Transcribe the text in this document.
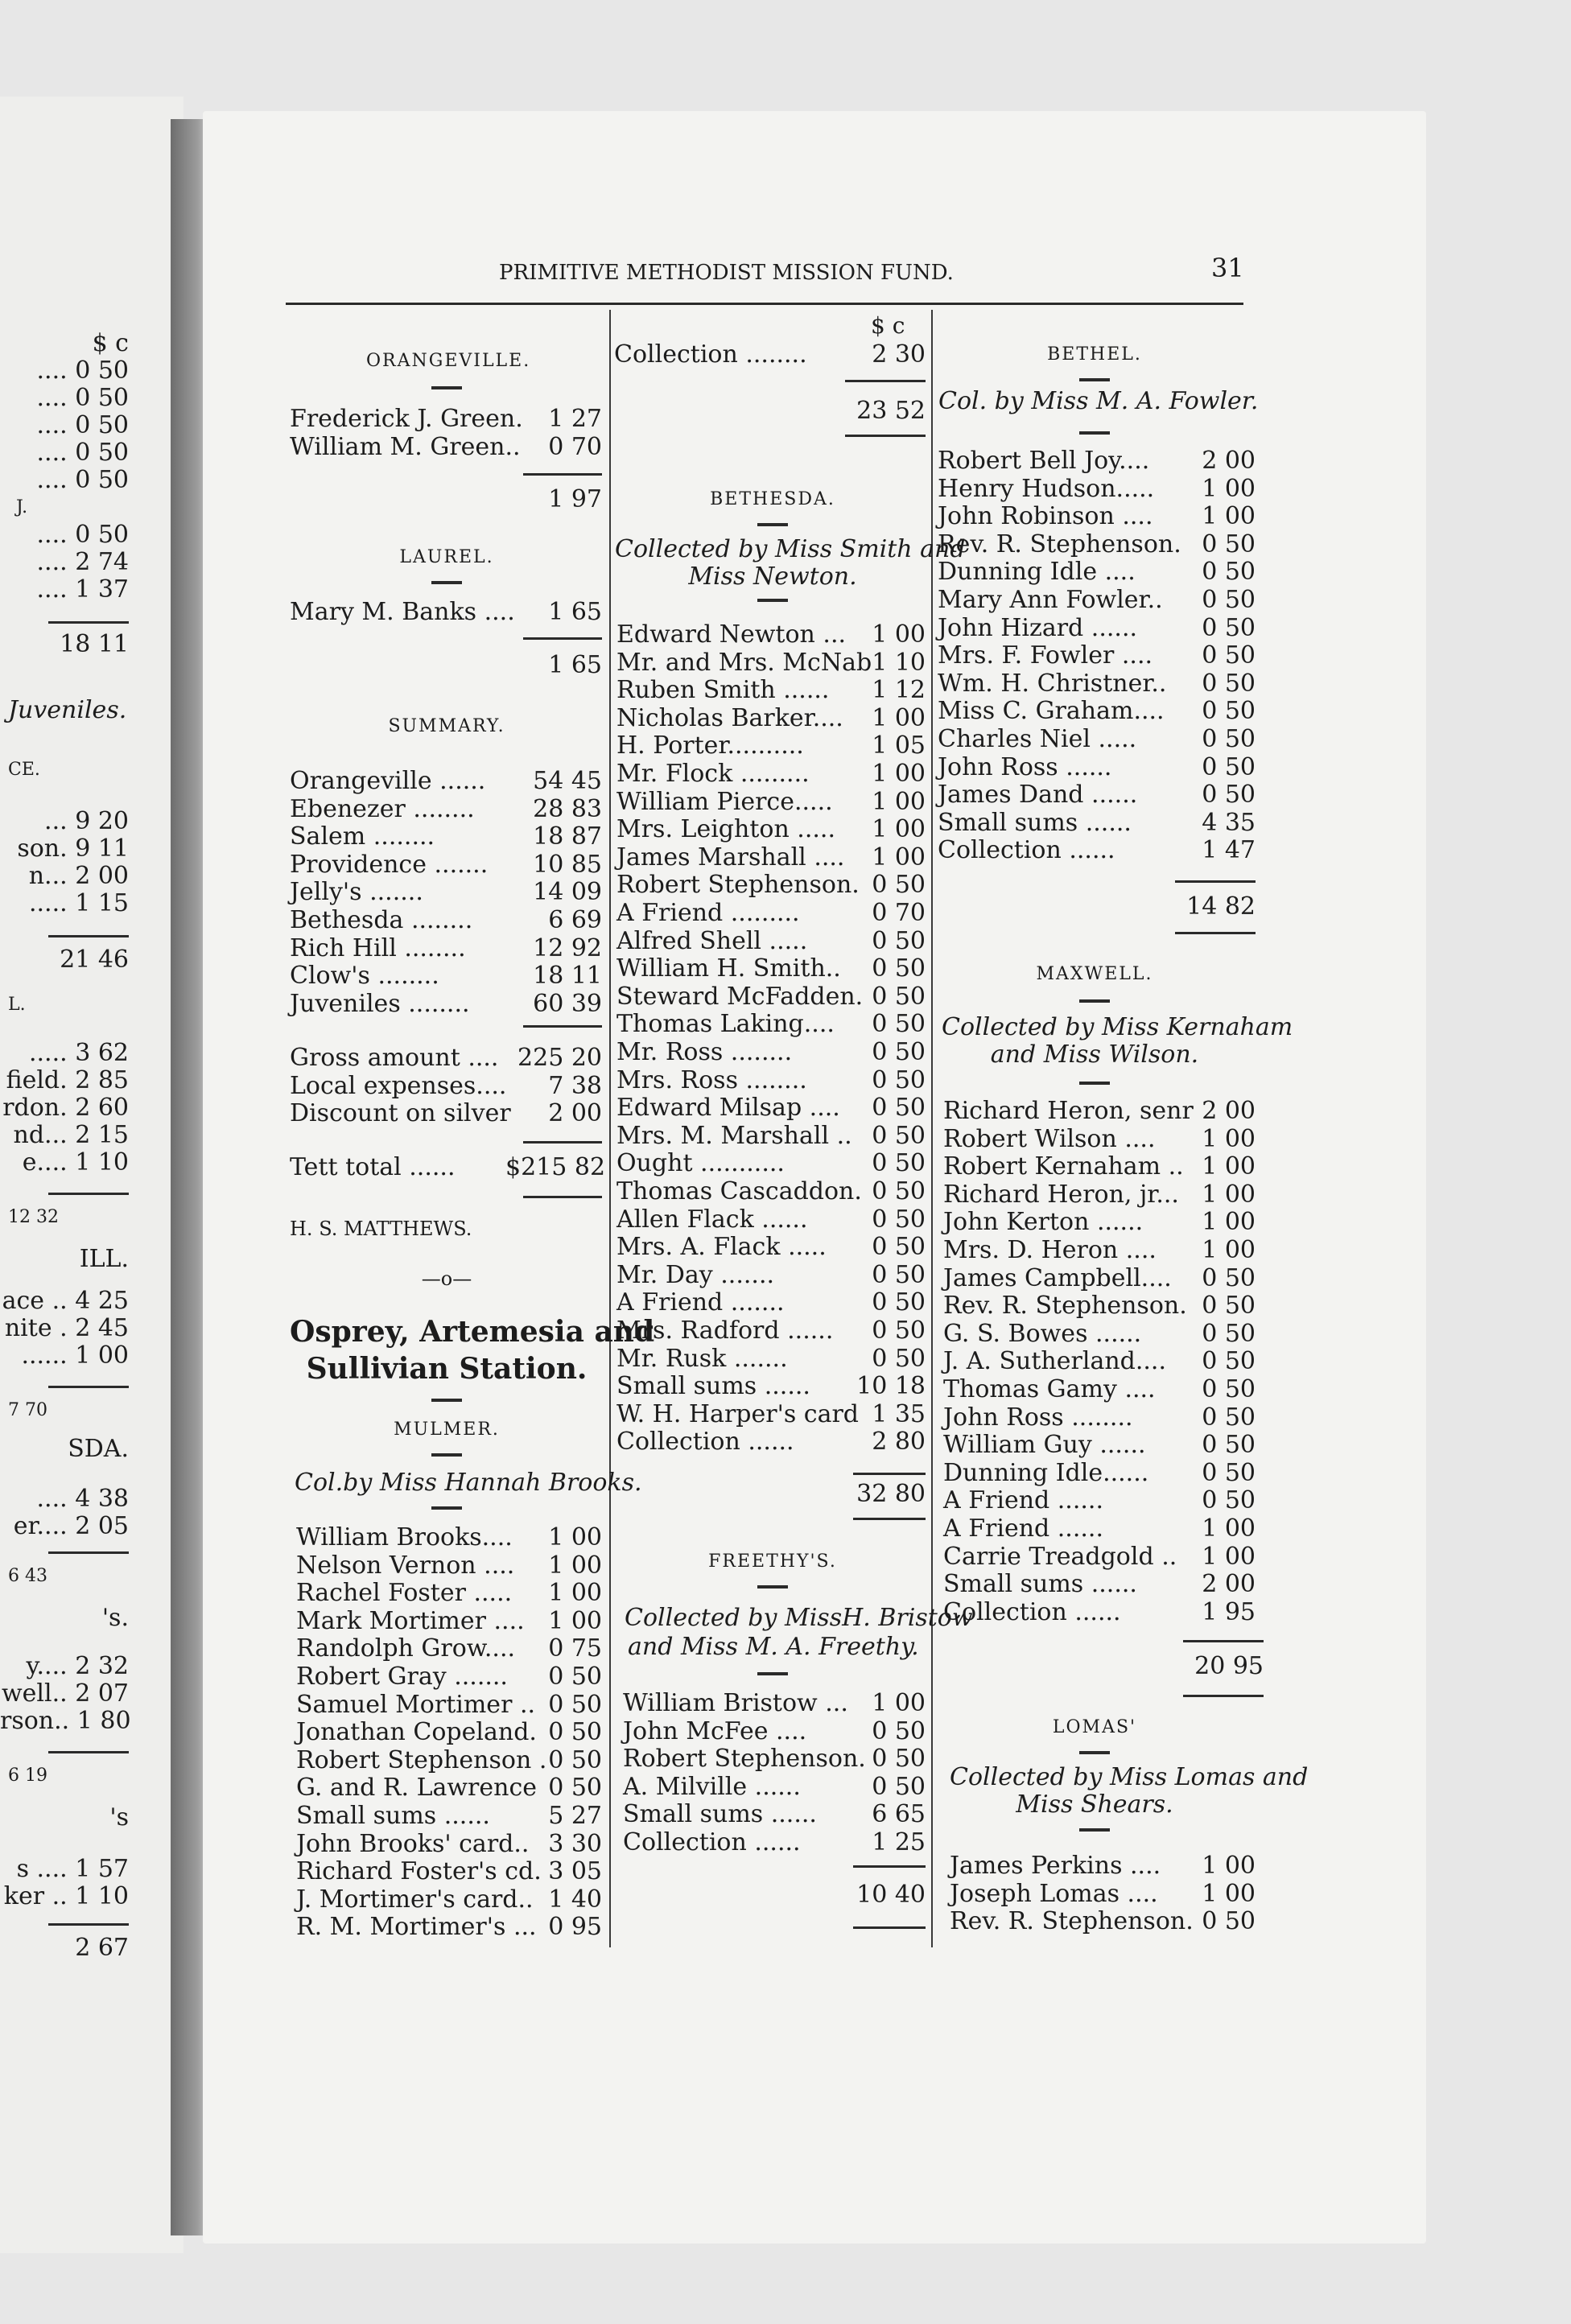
$ c
.... 0 50
.... 0 50
.... 0 50
.... 0 50
.... 0 50
J.
.... 0 50
.... 2 74
.... 1 37
18 11
Juveniles.
CE.
... 9 20
son. 9 11
n... 2 00
..... 1 15
21 46
L.
..... 3 62
field. 2 85
rdon. 2 60
nd... 2 15
e.... 1 10
12 32
ILL.
ace .. 4 25
nite . 2 45
...... 1 00
7 70
SDA.
.... 4 38
er.... 2 05
6 43
's.
y.... 2 32
well.. 2 07
rson.. 1 80
6 19
's
s .... 1 57
ker .. 1 10
2 67
PRIMITIVE METHODIST MISSION FUND.	31
ORANGEVILLE.
Frederick J. Green.	1 27
William M. Green..	0 70
1 97
LAUREL.
Mary M. Banks ....	1 65
1 65
SUMMARY.
Orangeville ......	54 45
Ebenezer ........	28 83
Salem ........	18 87
Providence .......	10 85
Jelly's .......	14 09
Bethesda ........	6 69
Rich Hill ........	12 92
Clow's ........	18 11
Juveniles ........	60 39
Gross amount .... 225 20
Local expenses....	7 38
Discount on silver	2 00
Tett total ...... $215 82
H. S. MATTHEWS.
—o—
Osprey, Artemesia and
Sullivian Station.
MULMER.
Col.by Miss Hannah Brooks.
William Brooks....	1 00
Nelson Vernon ....	1 00
Rachel Foster .....	1 00
Mark Mortimer .... 1 00
Randolph Grow....	0 75
Robert Gray .......	0 50
Samuel Mortimer .. 0 50
Jonathan Copeland. 0 50
Robert Stephenson . 0 50
G. and R. Lawrence 0 50
Small sums ......	5 27
John Brooks' card.. 3 30
Richard Foster's cd. 3 05
J. Mortimer's card.. 1 40
R. M. Mortimer's ... 0 95
$ c
Collection ........	2 30
23 52
BETHESDA.
Collected by Miss Smith and
Miss Newton.
Edward Newton ...	1 00
Mr. and Mrs. McNab 1 10
Ruben Smith ......	1 12
Nicholas Barker....	1 00
H. Porter..........	1 05
Mr. Flock .........	1 00
William Pierce.....	1 00
Mrs. Leighton .....	1 00
James Marshall ....	1 00
Robert Stephenson. 0 50
A Friend .........	0 70
Alfred Shell .....	0 50
William H. Smith..	0 50
Steward McFadden. 0 50
Thomas Laking....	0 50
Mr. Ross ........	0 50
Mrs. Ross ........	0 50
Edward Milsap ....	0 50
Mrs. M. Marshall .. 0 50
Ought ...........	0 50
Thomas Cascaddon. 0 50
Allen Flack ......	0 50
Mrs. A. Flack .....	0 50
Mr. Day .......	0 50
A Friend .......	0 50
Mrs. Radford ......	0 50
Mr. Rusk .......	0 50
Small sums ......	10 18
W. H. Harper's card 1 35
Collection ......	2 80
32 80
FREETHY'S.
Collected by MissH. Bristow
and Miss M. A. Freethy.
William Bristow ... 1 00
John McFee ....	0 50
Robert Stephenson. 0 50
A. Milville ......	0 50
Small sums ......	6 65
Collection ......	1 25
10 40
BETHEL.
Col. by Miss M. A. Fowler.
Robert Bell Joy....	2 00
Henry Hudson.....	1 00
John Robinson ....	1 00
Rev. R. Stephenson. 0 50
Dunning Idle ....	0 50
Mary Ann Fowler..	0 50
John Hizard ......	0 50
Mrs. F. Fowler ....	0 50
Wm. H. Christner..	0 50
Miss C. Graham....	0 50
Charles Niel .....	0 50
John Ross ......	0 50
James Dand ......	0 50
Small sums ......	4 35
Collection ......	1 47
14 82
MAXWELL.
Collected by Miss Kernaham
and Miss Wilson.
Richard Heron, senr 2 00
Robert Wilson ....	1 00
Robert Kernaham .. 1 00
Richard Heron, jr... 1 00
John Kerton ......	1 00
Mrs. D. Heron ....	1 00
James Campbell....	0 50
Rev. R. Stephenson. 0 50
G. S. Bowes ......	0 50
J. A. Sutherland....	0 50
Thomas Gamy ....	0 50
John Ross ........	0 50
William Guy ......	0 50
Dunning Idle......	0 50
A Friend ......	0 50
A Friend ......	1 00
Carrie Treadgold ..	1 00
Small sums ......	2 00
Collection ......	1 95
20 95
LOMAS'
Collected by Miss Lomas and
Miss Shears.
James Perkins ....	1 00
Joseph Lomas ....	1 00
Rev. R. Stephenson. 0 50
